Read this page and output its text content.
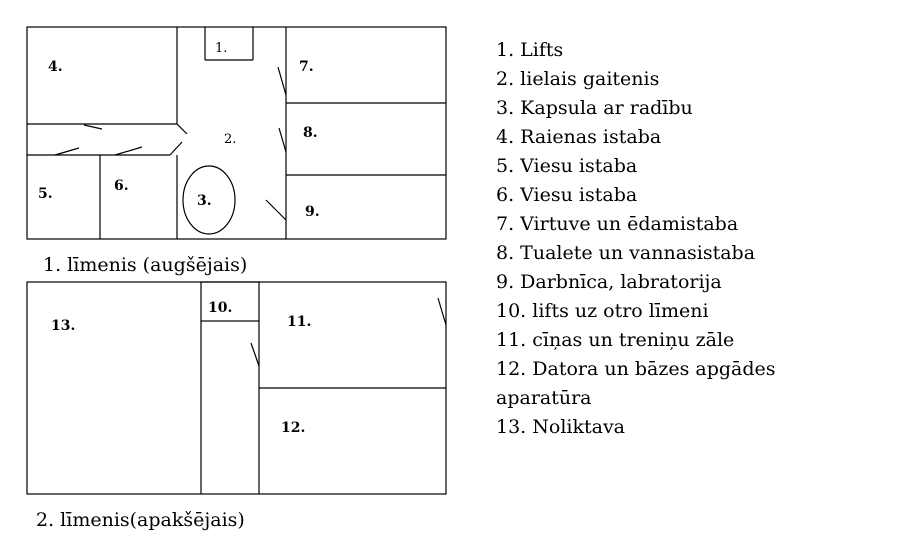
1.
2.
3.
4.
5.	6.
7.
8.
9.
1. līmenis (augšējais)
10.
11.
12.
13.
2. līmenis(apakšējais)
1. Lifts
2. lielais gaitenis
3. Kapsula ar radību
4. Raienas istaba
5. Viesu istaba
6. Viesu istaba
7. Virtuve un ēdamistaba
8. Tualete un vannasistaba
9. Darbnīca, labratorija
10. lifts uz otro līmeni
11. cīņas un treniņu zāle
12. Datora un bāzes apgādes
aparatūra
13. Noliktava
